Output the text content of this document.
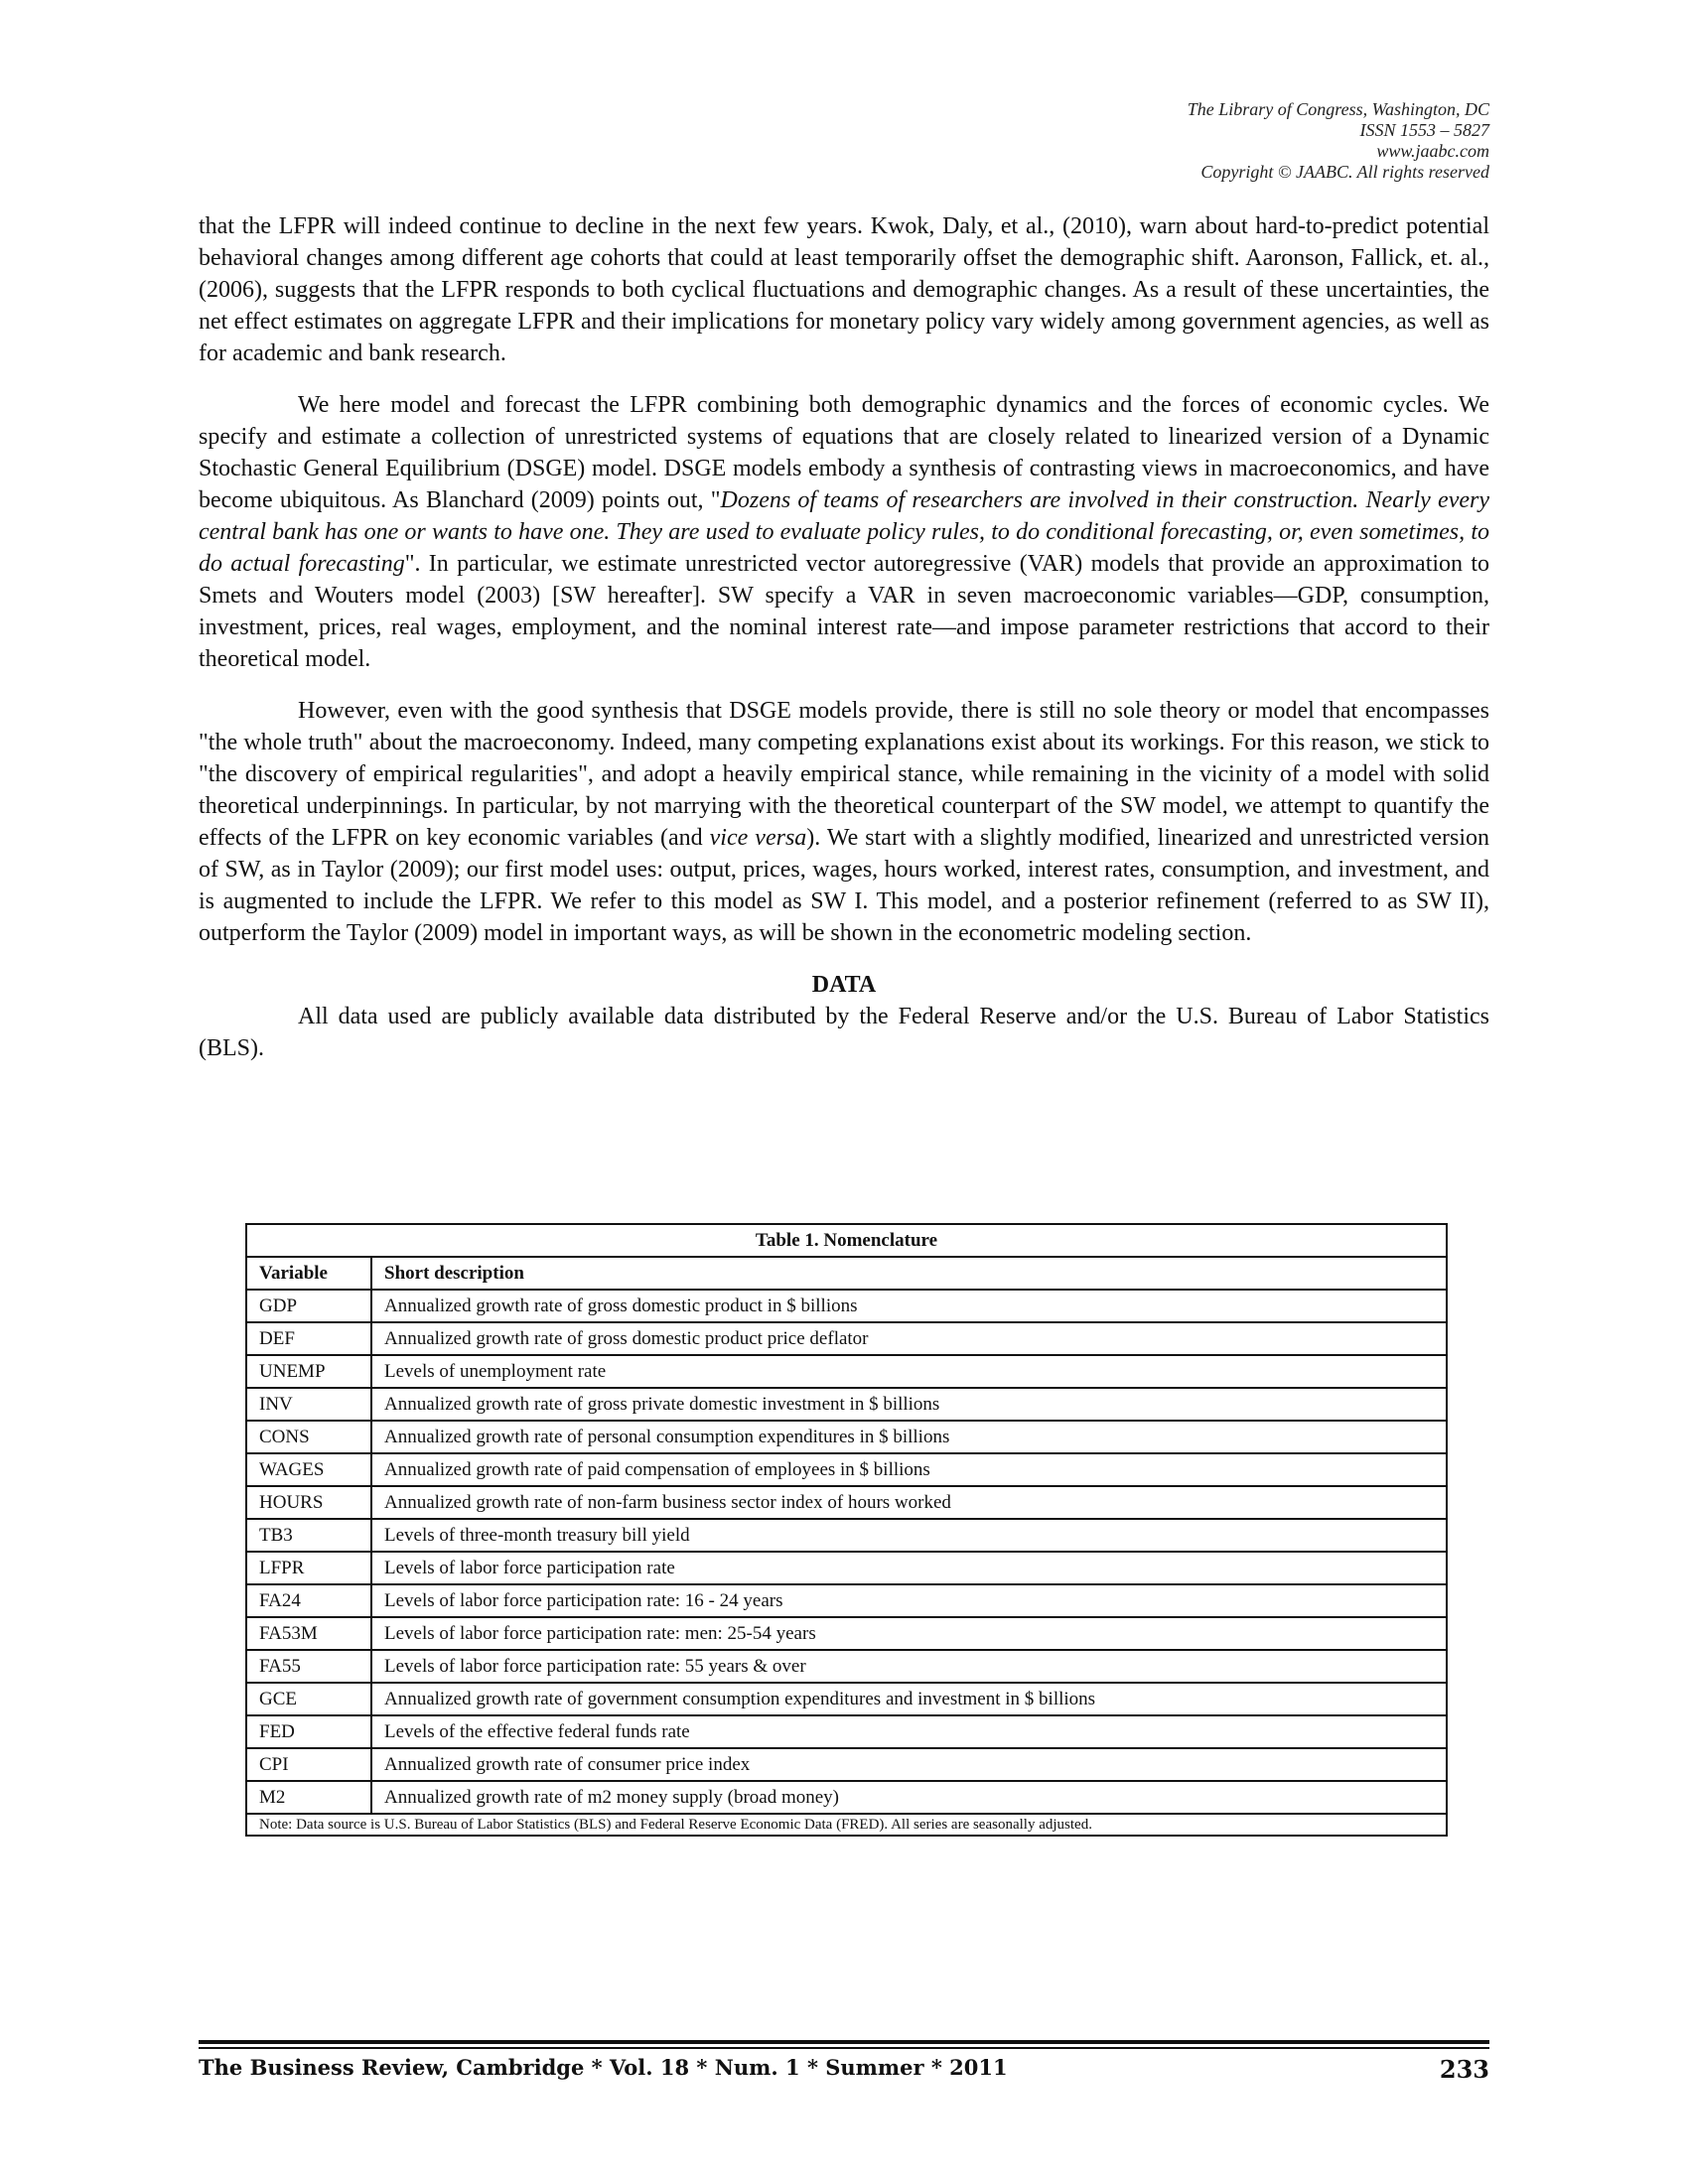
The Library of Congress, Washington, DC
ISSN 1553 – 5827
www.jaabc.com
Copyright © JAABC. All rights reserved

that the LFPR will indeed continue to decline in the next few years. Kwok, Daly, et al., (2010), warn about hard-to-predict potential behavioral changes among different age cohorts that could at least temporarily offset the demographic shift. Aaronson, Fallick, et. al., (2006), suggests that the LFPR responds to both cyclical fluctuations and demographic changes. As a result of these uncertainties, the net effect estimates on aggregate LFPR and their implications for monetary policy vary widely among government agencies, as well as for academic and bank research.

We here model and forecast the LFPR combining both demographic dynamics and the forces of economic cycles. We specify and estimate a collection of unrestricted systems of equations that are closely related to linearized version of a Dynamic Stochastic General Equilibrium (DSGE) model. DSGE models embody a synthesis of contrasting views in macroeconomics, and have become ubiquitous. As Blanchard (2009) points out, "Dozens of teams of researchers are involved in their construction. Nearly every central bank has one or wants to have one. They are used to evaluate policy rules, to do conditional forecasting, or, even sometimes, to do actual forecasting". In particular, we estimate unrestricted vector autoregressive (VAR) models that provide an approximation to Smets and Wouters model (2003) [SW hereafter]. SW specify a VAR in seven macroeconomic variables—GDP, consumption, investment, prices, real wages, employment, and the nominal interest rate—and impose parameter restrictions that accord to their theoretical model.

However, even with the good synthesis that DSGE models provide, there is still no sole theory or model that encompasses "the whole truth" about the macroeconomy. Indeed, many competing explanations exist about its workings. For this reason, we stick to "the discovery of empirical regularities", and adopt a heavily empirical stance, while remaining in the vicinity of a model with solid theoretical underpinnings. In particular, by not marrying with the theoretical counterpart of the SW model, we attempt to quantify the effects of the LFPR on key economic variables (and vice versa). We start with a slightly modified, linearized and unrestricted version of SW, as in Taylor (2009); our first model uses: output, prices, wages, hours worked, interest rates, consumption, and investment, and is augmented to include the LFPR. We refer to this model as SW I. This model, and a posterior refinement (referred to as SW II), outperform the Taylor (2009) model in important ways, as will be shown in the econometric modeling section.

DATA

All data used are publicly available data distributed by the Federal Reserve and/or the U.S. Bureau of Labor Statistics (BLS).

Table 1. Nomenclature	
Variable	Short description
GDP	Annualized growth rate of gross domestic product in $ billions
DEF	Annualized growth rate of gross domestic product price deflator
UNEMP	Levels of unemployment rate
INV	Annualized growth rate of gross private domestic investment in $ billions
CONS	Annualized growth rate of personal consumption expenditures in $ billions
WAGES	Annualized growth rate of paid compensation of employees in $ billions
HOURS	Annualized growth rate of non-farm business sector index of hours worked
TB3	Levels of three-month treasury bill yield
LFPR	Levels of labor force participation rate
FA24	Levels of labor force participation rate: 16 - 24 years
FA53M	Levels of labor force participation rate: men: 25-54 years
FA55	Levels of labor force participation rate: 55 years & over
GCE	Annualized growth rate of government consumption expenditures and investment in $ billions
FED	Levels of the effective federal funds rate
CPI	Annualized growth rate of consumer price index
M2	Annualized growth rate of m2 money supply (broad money)
Note: Data source is U.S. Bureau of Labor Statistics (BLS) and Federal Reserve Economic Data (FRED). All series are seasonally adjusted.	
The Business Review, Cambridge * Vol. 18 * Num. 1 * Summer * 2011	233
